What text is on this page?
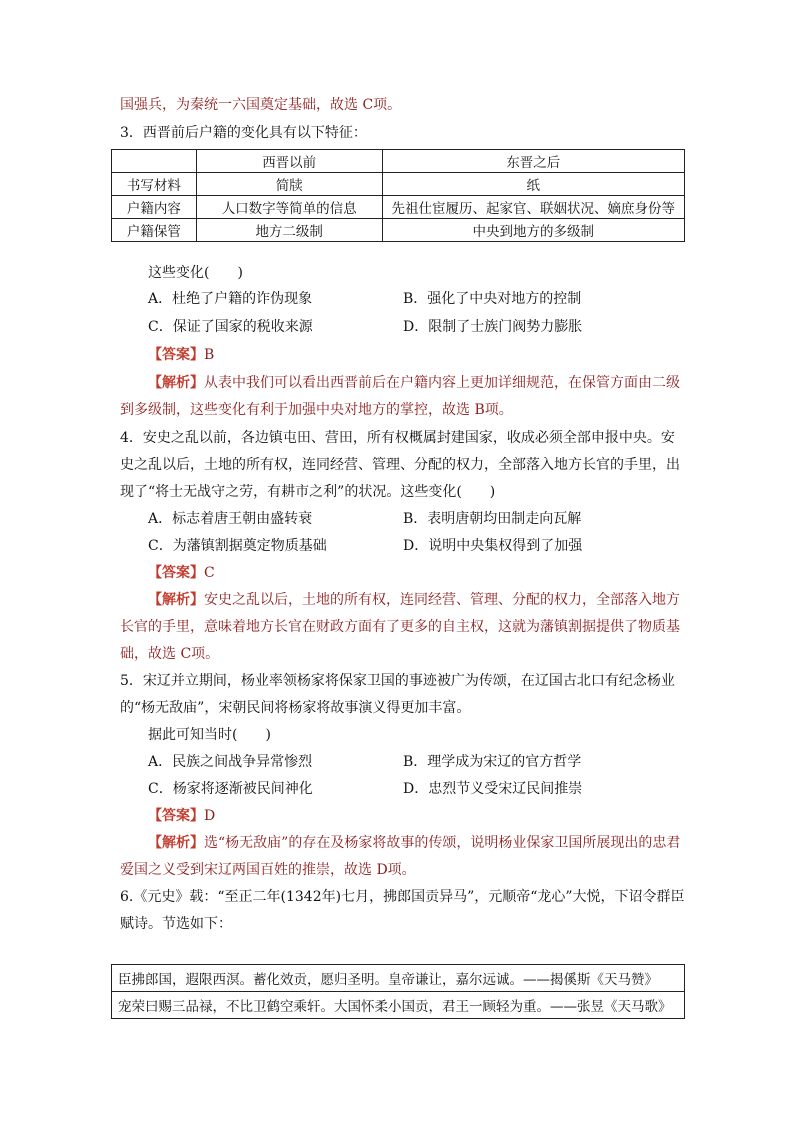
国强兵，为秦统一六国奠定基础，故选 C项。
3．西晋前后户籍的变化具有以下特征：
	西晋以前	东晋之后
书写材料	简牍	纸
户籍内容	人口数字等简单的信息	先祖仕宦履历、起家官、联姻状况、嫡庶身份等
户籍保管	地方二级制	中央到地方的多级制
这些变化(　　)
A．杜绝了户籍的诈伪现象	B．强化了中央对地方的控制
C．保证了国家的税收来源	D．限制了士族门阀势力膨胀
【答案】B
【解析】从表中我们可以看出西晋前后在户籍内容上更加详细规范，在保管方面由二级
到多级制，这些变化有利于加强中央对地方的掌控，故选 B项。
4．安史之乱以前，各边镇屯田、营田，所有权概属封建国家，收成必须全部申报中央。安
史之乱以后，土地的所有权，连同经营、管理、分配的权力，全部落入地方长官的手里，出
现了“将士无战守之劳，有耕市之利”的状况。这些变化(　　)
A．标志着唐王朝由盛转衰	B．表明唐朝均田制走向瓦解
C．为藩镇割据奠定物质基础	D．说明中央集权得到了加强
【答案】C
【解析】安史之乱以后，土地的所有权，连同经营、管理、分配的权力，全部落入地方
长官的手里，意味着地方长官在财政方面有了更多的自主权，这就为藩镇割据提供了物质基
础，故选 C项。
5．宋辽并立期间，杨业率领杨家将保家卫国的事迹被广为传颂，在辽国古北口有纪念杨业
的“杨无敌庙”，宋朝民间将杨家将故事演义得更加丰富。
据此可知当时(　　)
A．民族之间战争异常惨烈	B．理学成为宋辽的官方哲学
C．杨家将逐渐被民间神化	D．忠烈节义受宋辽民间推崇
【答案】D
【解析】选“杨无敌庙”的存在及杨家将故事的传颂，说明杨业保家卫国所展现出的忠君
爱国之义受到宋辽两国百姓的推崇，故选 D项。
6.《元史》载：“至正二年(1342年)七月，拂郎国贡异马”，元顺帝“龙心”大悦，下诏令群臣
赋诗。节选如下：
臣拂郎国，遐限西溟。蓄化效贡，愿归圣明。皇帝谦让，嘉尔远诚。——揭傒斯《天马赞》
宠荣曰赐三品禄，不比卫鹤空乘轩。大国怀柔小国贡，君王一顾轻为重。——张昱《天马歌》
